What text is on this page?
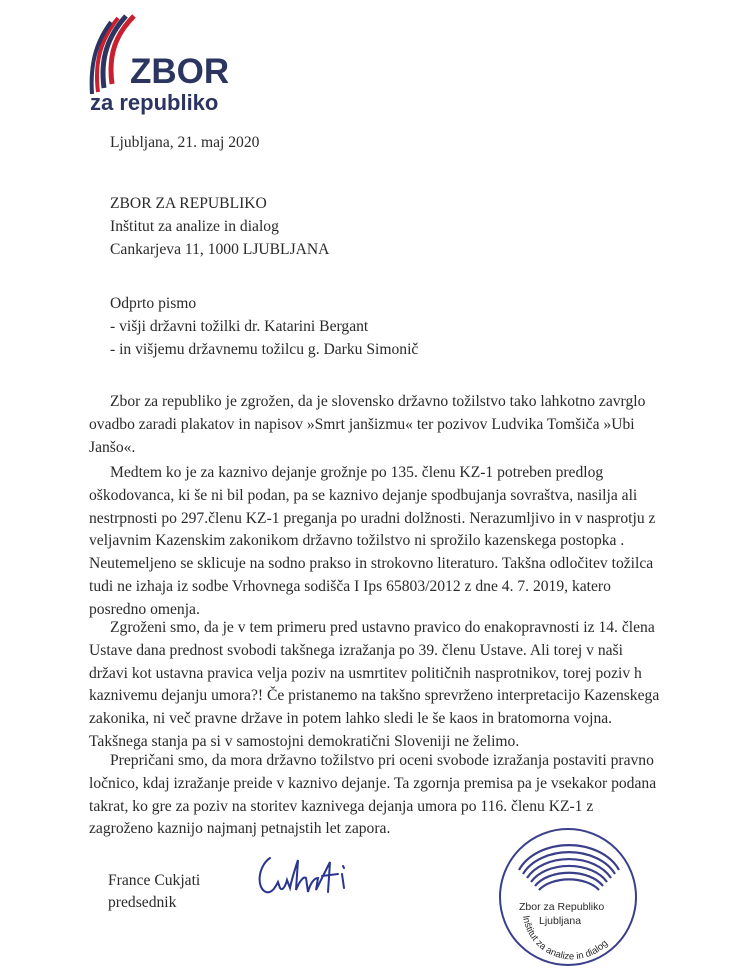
ZBOR
za republiko
Ljubljana, 21. maj 2020
ZBOR ZA REPUBLIKO
Inštitut za analize in dialog
Cankarjeva 11, 1000 LJUBLJANA
Odprto pismo
- višji državni tožilki dr. Katarini Bergant
- in višjemu državnemu tožilcu g. Darku Simonič

Zbor za republiko je zgrožen, da je slovensko državno tožilstvo tako lahkotno zavrglo ovadbo zaradi plakatov in napisov »Smrt janšizmu« ter pozivov Ludvika Tomšiča »Ubi Janšo«.

Medtem ko je za kaznivo dejanje grožnje po 135. členu KZ-1 potreben predlog oškodovanca, ki še ni bil podan, pa se kaznivo dejanje spodbujanja sovraštva, nasilja ali nestrpnosti po 297.členu KZ-1 preganja po uradni dolžnosti. Nerazumljivo in v nasprotju z veljavnim Kazenskim zakonikom državno tožilstvo ni sprožilo kazenskega postopka . Neutemeljeno se sklicuje na sodno prakso in strokovno literaturo. Takšna odločitev tožilca tudi ne izhaja iz sodbe Vrhovnega sodišča I Ips 65803/2012 z dne 4. 7. 2019, katero posredno omenja.

Zgroženi smo, da je v tem primeru pred ustavno pravico do enakopravnosti iz 14. člena Ustave dana prednost svobodi takšnega izražanja po 39. členu Ustave. Ali torej v naši državi kot ustavna pravica velja poziv na usmrtitev političnih nasprotnikov, torej poziv h kaznivemu dejanju umora?! Če pristanemo na takšno sprevrženo interpretacijo Kazenskega zakonika, ni več pravne države in potem lahko sledi le še kaos in bratomorna vojna. Takšnega stanja pa si v samostojni demokratični Sloveniji ne želimo.

Prepričani smo, da mora državno tožilstvo pri oceni svobode izražanja postaviti pravno ločnico, kdaj izražanje preide v kaznivo dejanje. Ta zgornja premisa pa je vsekakor podana takrat, ko gre za poziv na storitev kaznivega dejanja umora po 116. členu KZ-1 z zagroženo kaznijo najmanj petnajstih let zapora.

France Cukjati
predsednik	Zbor za Republiko
Ljubljana
Inštitut za analize in dialog
